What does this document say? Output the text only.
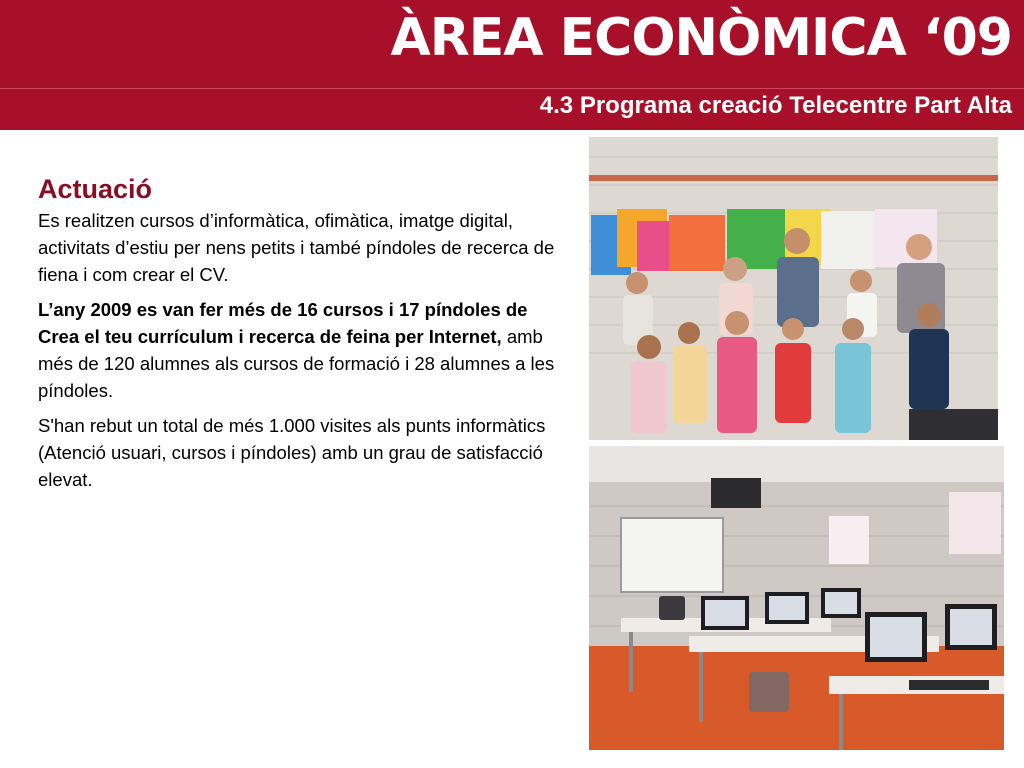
ÀREA ECONÒMICA ‘09
4.3 Programa creació Telecentre Part Alta
Actuació

Es realitzen cursos d’informàtica, ofimàtica, imatge digital, activitats d’estiu per nens petits i també píndoles de recerca de fiena i com crear el CV.

L’any 2009 es van fer més de 16 cursos i 17 píndoles de Crea el teu currículum i recerca de feina per Internet, amb més de 120 alumnes als cursos de formació i 28 alumnes a les píndoles.

S'han rebut un total de més 1.000 visites als punts informàtics (Atenció usuari, cursos i píndoles) amb un grau de satisfacció elevat.
